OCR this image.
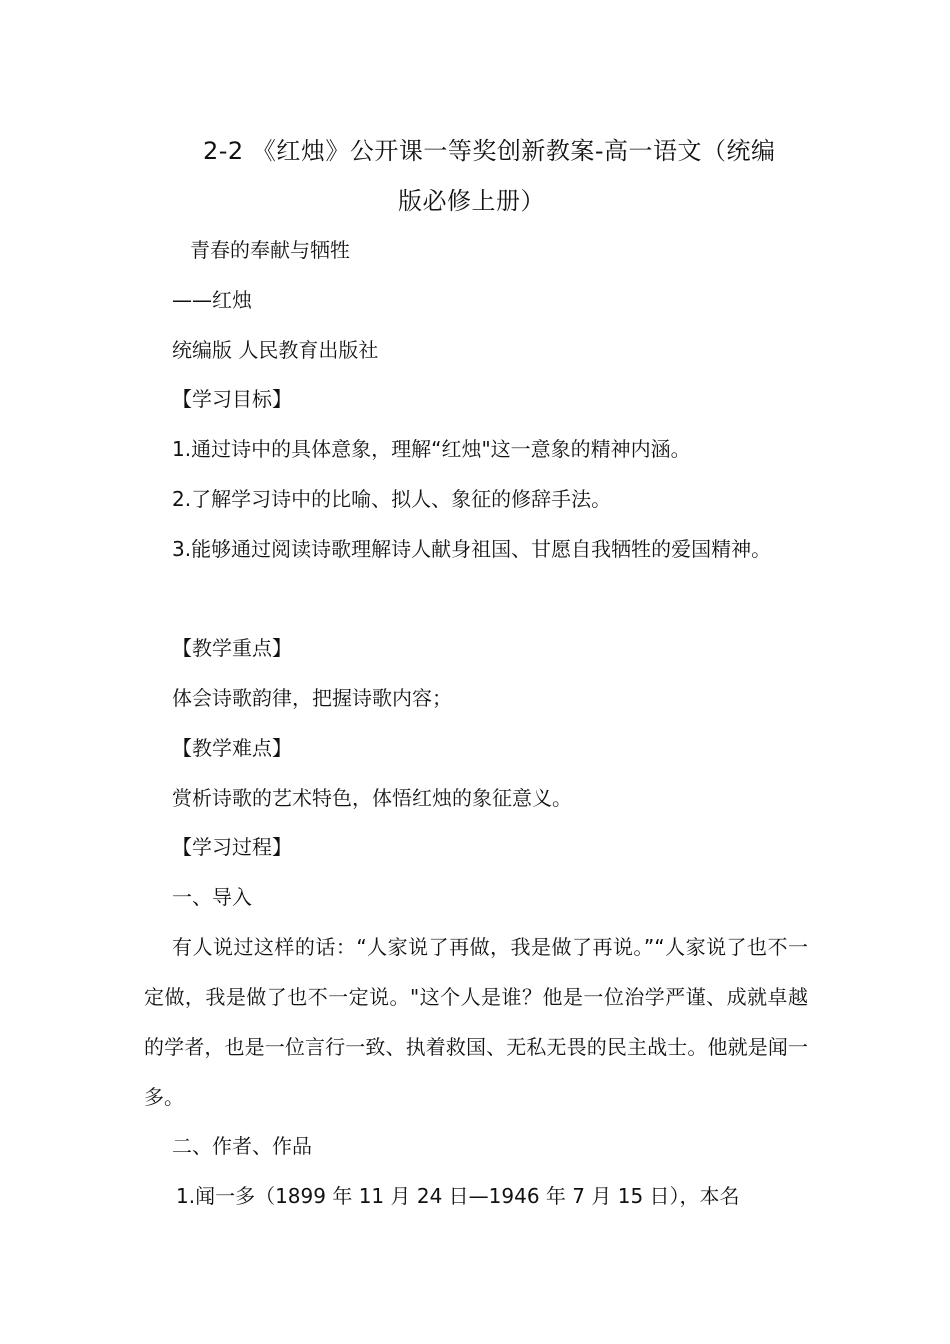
2-2 《红烛》公开课一等奖创新教案-高一语文（统编
版必修上册）
青春的奉献与牺牲
——红烛
统编版 人民教育出版社
【学习目标】
1.通过诗中的具体意象，理解“红烛"这一意象的精神内涵。
2.了解学习诗中的比喻、拟人、象征的修辞手法。
3.能够通过阅读诗歌理解诗人献身祖国、甘愿自我牺牲的爱国精神。
【教学重点】
体会诗歌韵律，把握诗歌内容；
【教学难点】
赏析诗歌的艺术特色，体悟红烛的象征意义。
【学习过程】
一、导入
有人说过这样的话：“人家说了再做，我是做了再说。”“人家说了也不一定做，我是做了也不一定说。"这个人是谁？他是一位治学严谨、成就卓越的学者，也是一位言行一致、执着救国、无私无畏的民主战士。他就是闻一多。
二、作者、作品
1.闻一多（1899 年 11 月 24 日—1946 年 7 月 15 日），本名
